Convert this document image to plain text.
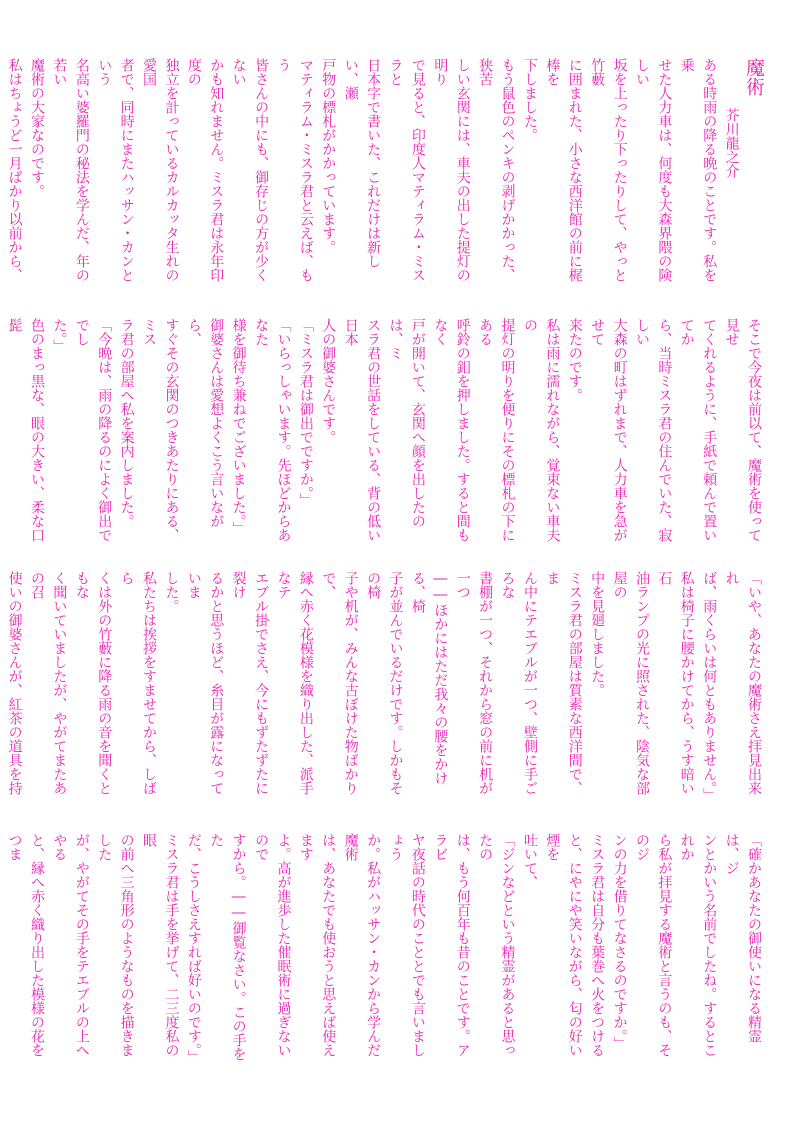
魔術

芥川龍之介

ある時雨の降る晩のことです。私を乗

せた人力車は、何度も大森界隈の険しい

坂を上ったり下ったりして、やっと竹藪

に囲まれた、小さな西洋館の前に梶棒を

下しました。

もう鼠色のペンキの剥げかかった、狭苦

しい玄関には、車夫の出した提灯の明り

で見ると、印度人マティラム・ミスラと

日本字で書いた、これだけは新しい、瀬

戸物の標札がかかっています。

マティラム・ミスラ君と云えば、もう

皆さんの中にも、御存じの方が少くない

かも知れません。ミスラ君は永年印度の

独立を計っているカルカッタ生れの愛国

者で、同時にまたハッサン・カンという

名高い婆羅門の秘法を学んだ、年の若い

魔術の大家なのです。

私はちょうど一月ばかり以前から、

そこで今夜は前以て、魔術を使って見せ

てくれるように、手紙で頼んで置いてか

ら、当時ミスラ君の住んでいた、寂しい

大森の町はずれまで、人力車を急がせて

来たのです。

私は雨に濡れながら、覚束ない車夫の

提灯の明りを便りにその標札の下にある

呼鈴の釦を押しました。すると間もなく

戸が開いて、玄関へ顔を出したのは、ミ

スラ君の世話をしている、背の低い日本

人の御婆さんです。

「ミスラ君は御出でですか。」

「いらっしゃいます。先ほどからあなた

様を御待ち兼ねでございました。」

御婆さんは愛想よくこう言いながら、

すぐその玄関のつきあたりにある、ミス

ラ君の部屋へ私を案内しました。

「今晩は、雨の降るのによく御出ででし

た。」

色のまっ黒な、眼の大きい、柔な口髭

「いや、あなたの魔術さえ拝見出来れ

ば、雨くらいは何ともありません。」

私は椅子に腰かけてから、うす暗い石

油ランプの光に照された、陰気な部屋の

中を見廻しました。

ミスラ君の部屋は質素な西洋間で、ま

ん中にテエブルが一つ、壁側に手ごろな

書棚が一つ、それから窓の前に机が一つ

――ほかにはただ我々の腰をかける、椅

子が並んでいるだけです。しかもその椅

子や机が、みんな古ぼけた物ばかりで、

縁へ赤く花模様を織り出した、派手なテ

エブル掛でさえ、今にもずたずたに裂け

るかと思うほど、糸目が露になっていま

した。

私たちは挨拶をすませてから、しばら

くは外の竹藪に降る雨の音を聞くともな

く聞いていましたが、やがてまたあの召

使いの御婆さんが、紅茶の道具を持

「確かあなたの御使いになる精霊は、ジ

ンとかいう名前でしたね。するとこれか

ら私が拝見する魔術と言うのも、そのジ

ンの力を借りてなさるのですか。」

ミスラ君は自分も葉巻へ火をつける

と、にやにや笑いながら、匂の好い煙を

吐いて、

「ジンなどという精霊があると思ったの

は、もう何百年も昔のことです。アラビ

ヤ夜話の時代のこととでも言いましょう

か。私がハッサン・カンから学んだ魔術

は、あなたでも使おうと思えば使えます

よ。高が進歩した催眠術に過ぎないので

すから。――御覧なさい。この手をた

だ、こうしさえすれば好いのです。」

ミスラ君は手を挙げて、二三度私の眼

の前へ三角形のようなものを描きました

が、やがてその手をテエブルの上へやる

と、縁へ赤く織り出した模様の花をつま
